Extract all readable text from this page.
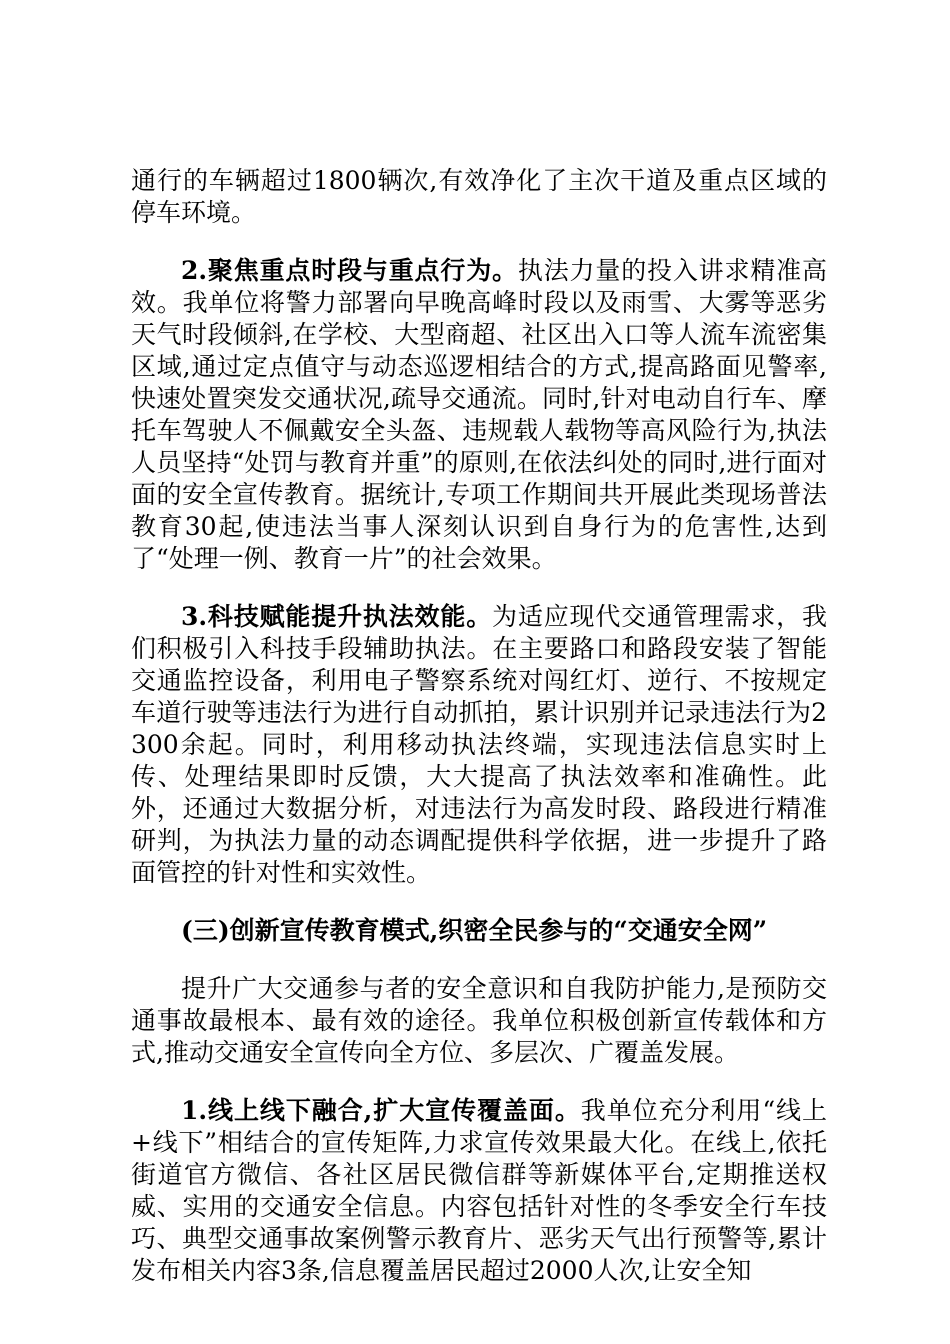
通行的车辆超过1800辆次,有效净化了主次干道及重点区域的停车环境。

2.聚焦重点时段与重点行为。执法力量的投入讲求精准高效。我单位将警力部署向早晚高峰时段以及雨雪、大雾等恶劣天气时段倾斜,在学校、大型商超、社区出入口等人流车流密集区域,通过定点值守与动态巡逻相结合的方式,提高路面见警率,快速处置突发交通状况,疏导交通流。同时,针对电动自行车、摩托车驾驶人不佩戴安全头盔、违规载人载物等高风险行为,执法人员坚持“处罚与教育并重”的原则,在依法纠处的同时,进行面对面的安全宣传教育。据统计,专项工作期间共开展此类现场普法教育30起,使违法当事人深刻认识到自身行为的危害性,达到了“处理一例、教育一片”的社会效果。

3.科技赋能提升执法效能。为适应现代交通管理需求，我们积极引入科技手段辅助执法。在主要路口和路段安装了智能交通监控设备，利用电子警察系统对闯红灯、逆行、不按规定车道行驶等违法行为进行自动抓拍，累计识别并记录违法行为2300余起。同时，利用移动执法终端，实现违法信息实时上传、处理结果即时反馈，大大提高了执法效率和准确性。此外，还通过大数据分析，对违法行为高发时段、路段进行精准研判，为执法力量的动态调配提供科学依据，进一步提升了路面管控的针对性和实效性。

(三)创新宣传教育模式,织密全民参与的“交通安全网”

提升广大交通参与者的安全意识和自我防护能力,是预防交通事故最根本、最有效的途径。我单位积极创新宣传载体和方式,推动交通安全宣传向全方位、多层次、广覆盖发展。

1.线上线下融合,扩大宣传覆盖面。我单位充分利用“线上+线下”相结合的宣传矩阵,力求宣传效果最大化。在线上,依托街道官方微信、各社区居民微信群等新媒体平台,定期推送权威、实用的交通安全信息。内容包括针对性的冬季安全行车技巧、典型交通事故案例警示教育片、恶劣天气出行预警等,累计发布相关内容3条,信息覆盖居民超过2000人次,让安全知
